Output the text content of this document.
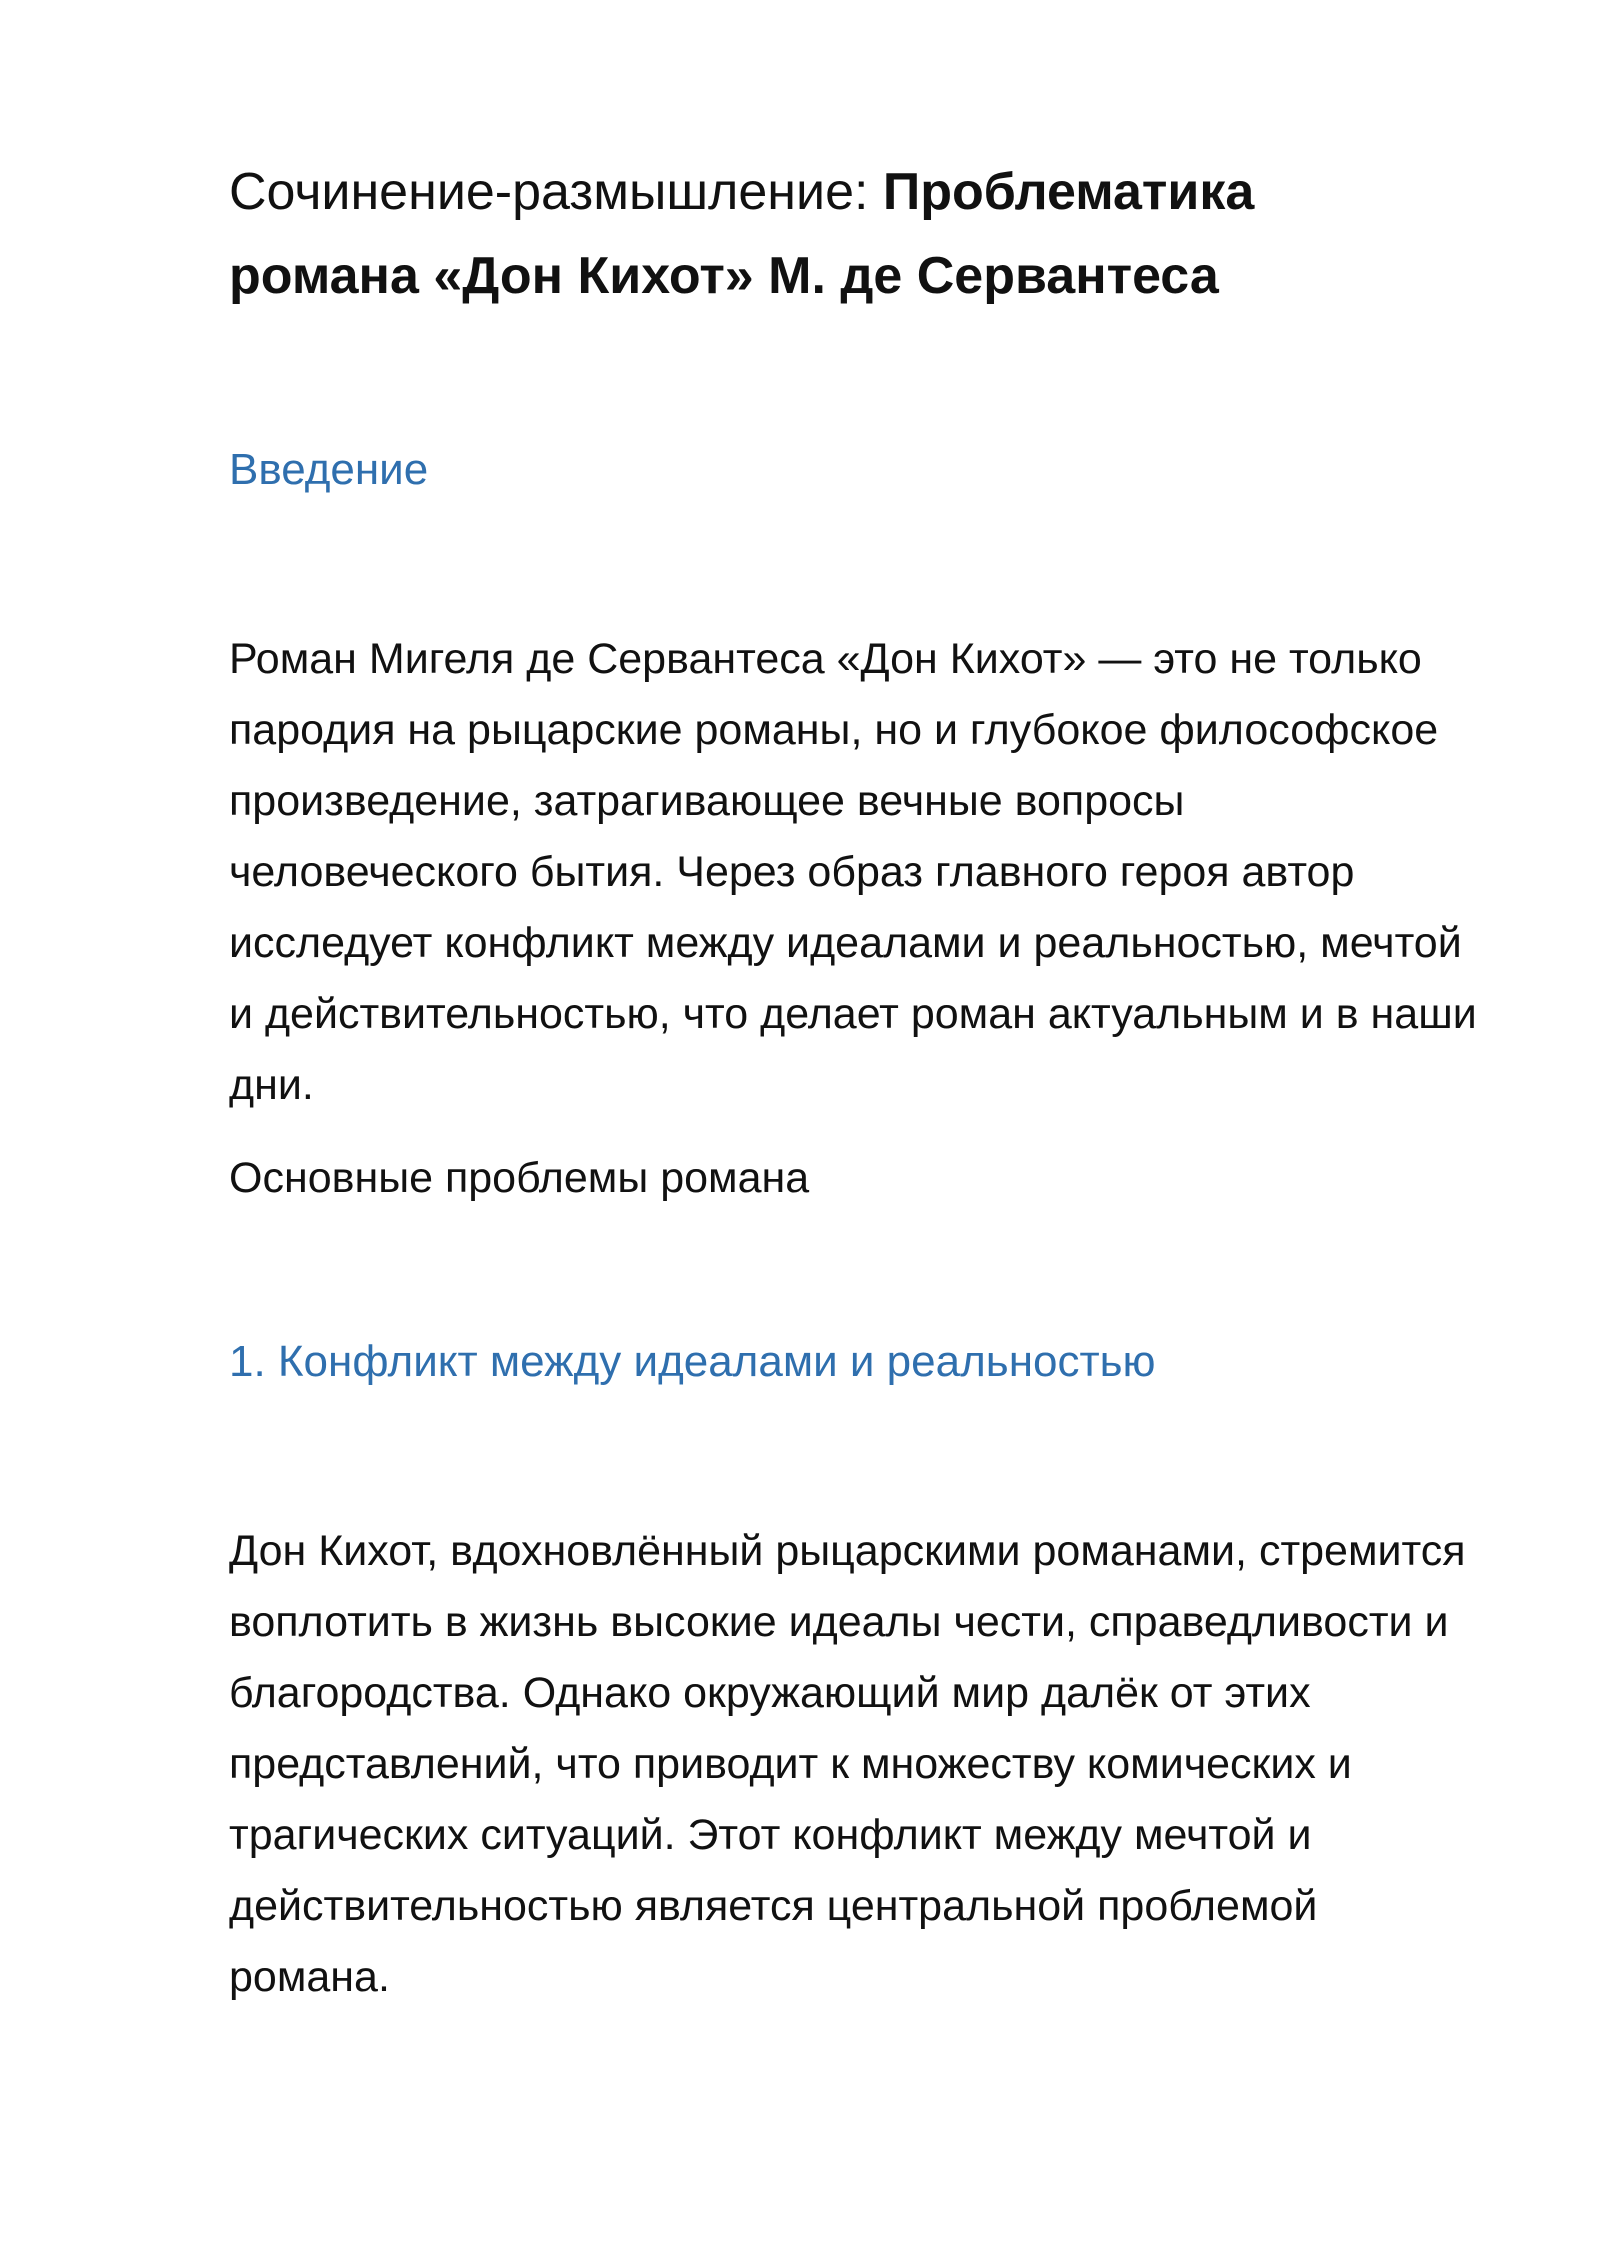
Сочинение-размышление: Проблематика романа «Дон Кихот» М. де Сервантеса
Введение

Роман Мигеля де Сервантеса «Дон Кихот» — это не только пародия на рыцарские романы, но и глубокое философское произведение, затрагивающее вечные вопросы человеческого бытия. Через образ главного героя автор исследует конфликт между идеалами и реальностью, мечтой и действительностью, что делает роман актуальным и в наши дни.

Основные проблемы романа

1. Конфликт между идеалами и реальностью

Дон Кихот, вдохновлённый рыцарскими романами, стремится воплотить в жизнь высокие идеалы чести, справедливости и благородства. Однако окружающий мир далёк от этих представлений, что приводит к множеству комических и трагических ситуаций. Этот конфликт между мечтой и действительностью является центральной проблемой романа.
